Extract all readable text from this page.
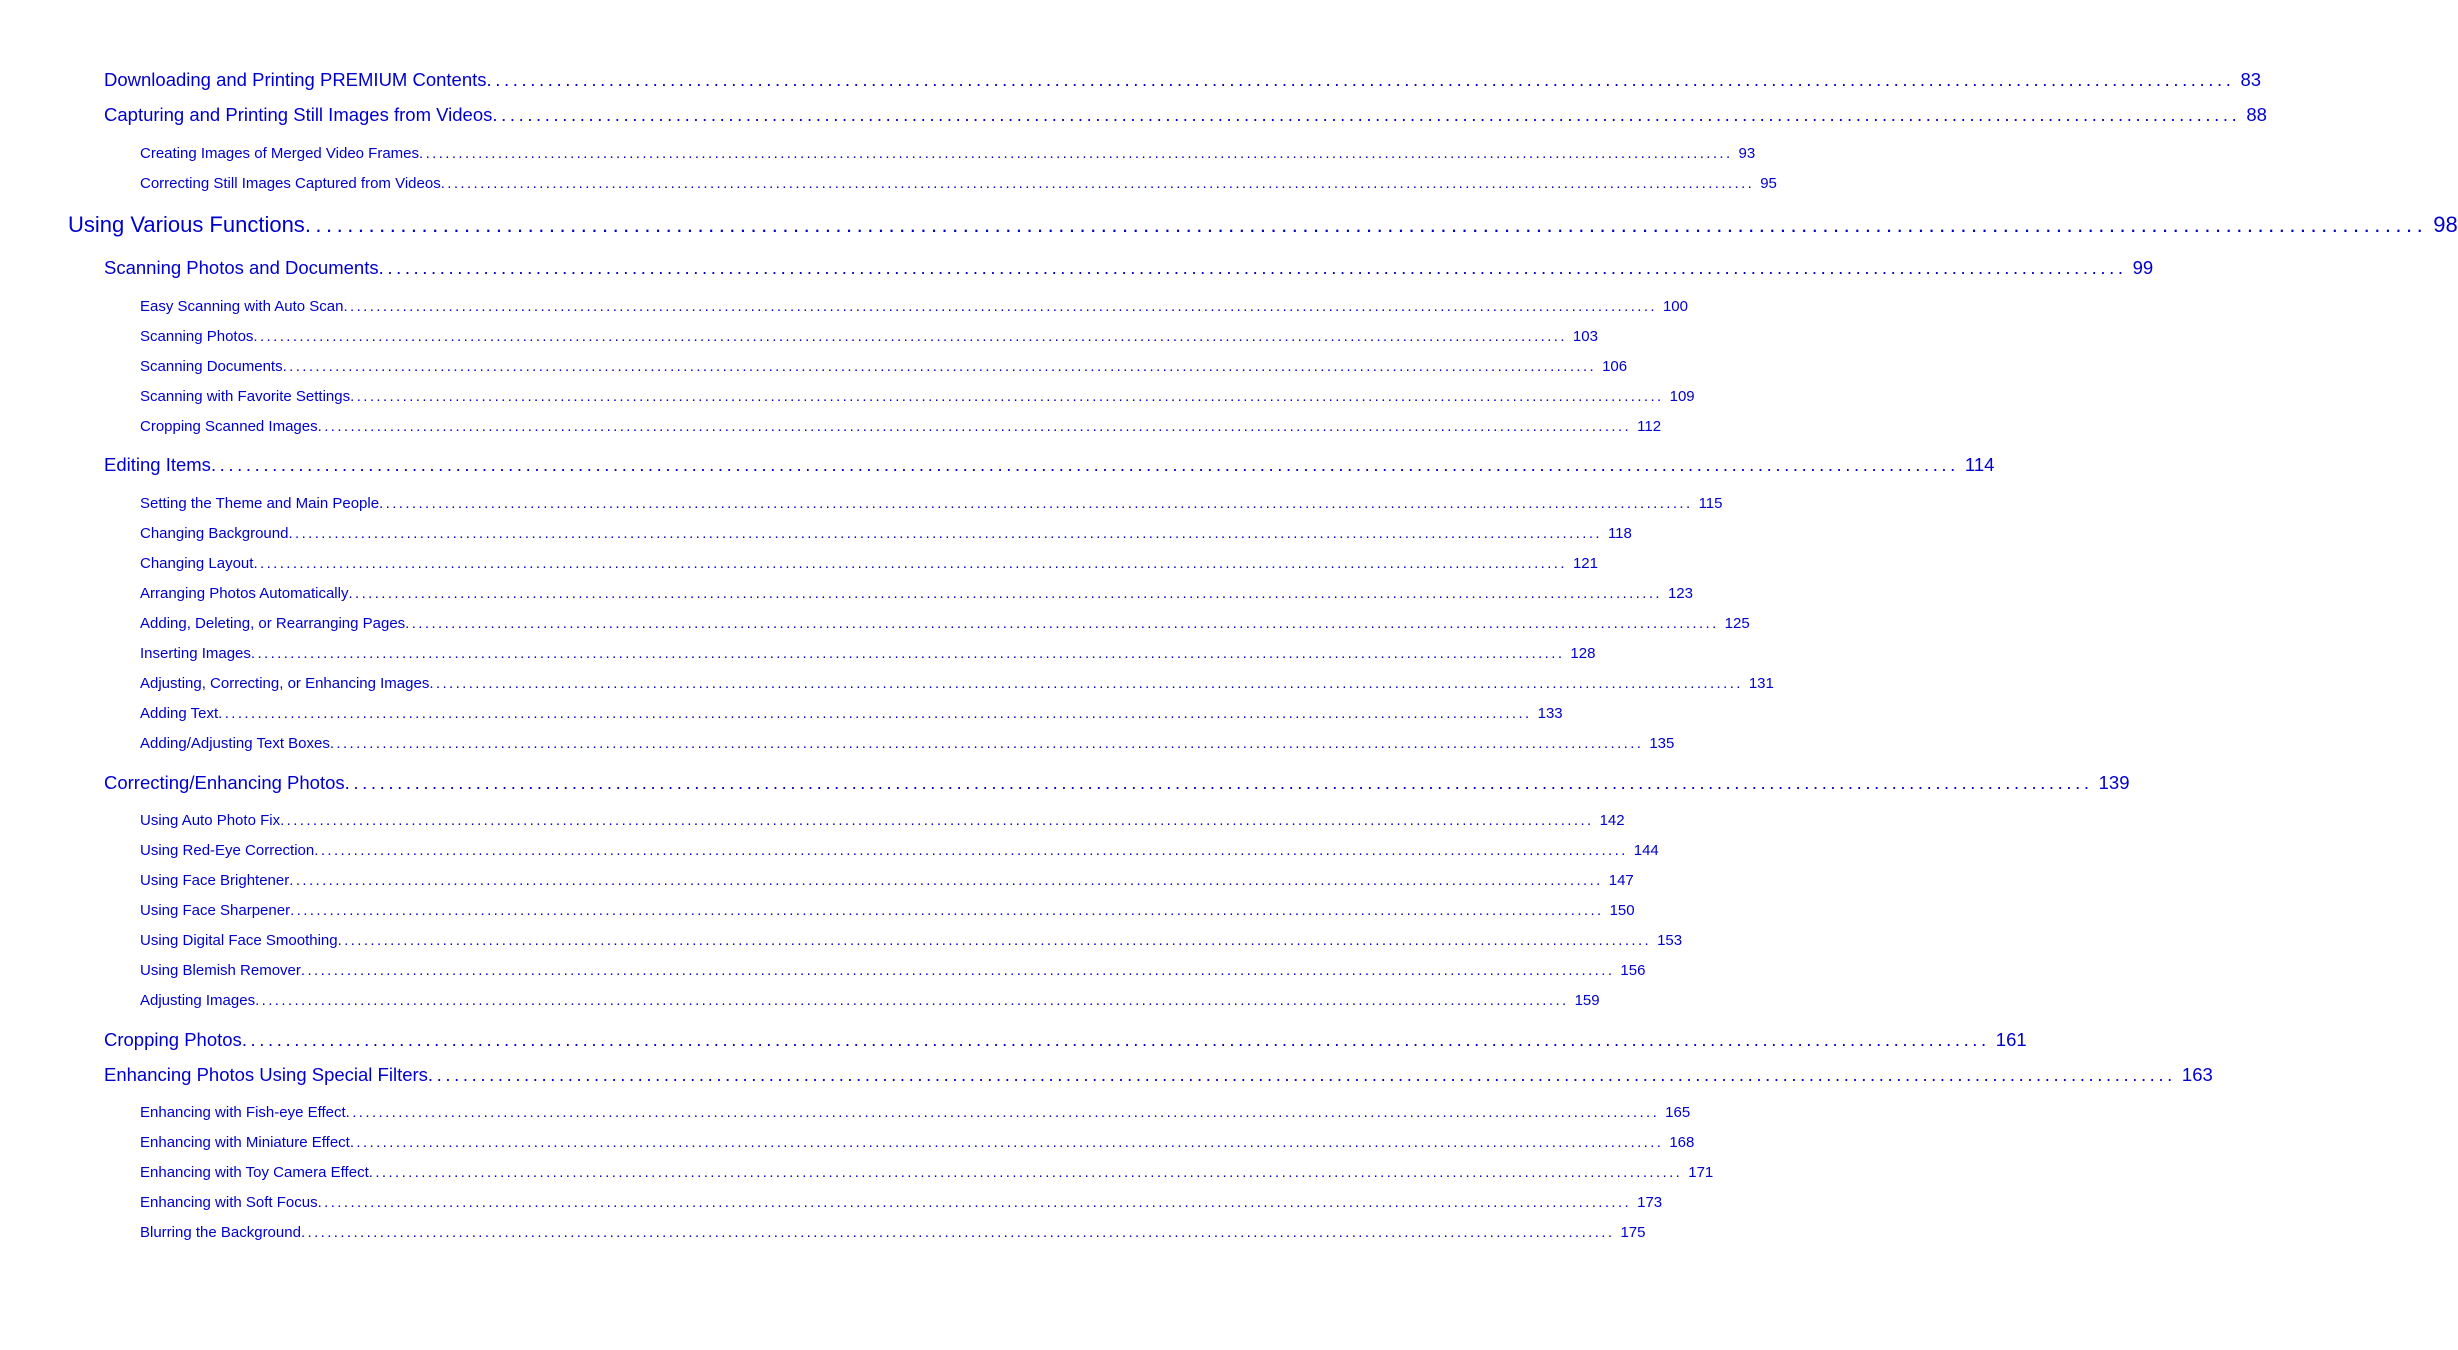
Downloading and Printing PREMIUM Contents ........................................................................................................................................................................................................ 83
Capturing and Printing Still Images from Videos ........................................................................................................................................................................................................ 88
Creating Images of Merged Video Frames ........................................................................................................................................................................................................ 93
Correcting Still Images Captured from Videos ........................................................................................................................................................................................................ 95
Using Various Functions ........................................................................................................................................................................................................ 98
Scanning Photos and Documents ........................................................................................................................................................................................................ 99
Easy Scanning with Auto Scan ........................................................................................................................................................................................................ 100
Scanning Photos ........................................................................................................................................................................................................ 103
Scanning Documents ........................................................................................................................................................................................................ 106
Scanning with Favorite Settings ........................................................................................................................................................................................................ 109
Cropping Scanned Images ........................................................................................................................................................................................................ 112
Editing Items ........................................................................................................................................................................................................ 114
Setting the Theme and Main People ........................................................................................................................................................................................................ 115
Changing Background ........................................................................................................................................................................................................ 118
Changing Layout ........................................................................................................................................................................................................ 121
Arranging Photos Automatically ........................................................................................................................................................................................................ 123
Adding, Deleting, or Rearranging Pages ........................................................................................................................................................................................................ 125
Inserting Images ........................................................................................................................................................................................................ 128
Adjusting, Correcting, or Enhancing Images ........................................................................................................................................................................................................ 131
Adding Text ........................................................................................................................................................................................................ 133
Adding/Adjusting Text Boxes ........................................................................................................................................................................................................ 135
Correcting/Enhancing Photos ........................................................................................................................................................................................................ 139
Using Auto Photo Fix ........................................................................................................................................................................................................ 142
Using Red-Eye Correction ........................................................................................................................................................................................................ 144
Using Face Brightener ........................................................................................................................................................................................................ 147
Using Face Sharpener ........................................................................................................................................................................................................ 150
Using Digital Face Smoothing ........................................................................................................................................................................................................ 153
Using Blemish Remover ........................................................................................................................................................................................................ 156
Adjusting Images ........................................................................................................................................................................................................ 159
Cropping Photos ........................................................................................................................................................................................................ 161
Enhancing Photos Using Special Filters ........................................................................................................................................................................................................ 163
Enhancing with Fish-eye Effect ........................................................................................................................................................................................................ 165
Enhancing with Miniature Effect ........................................................................................................................................................................................................ 168
Enhancing with Toy Camera Effect ........................................................................................................................................................................................................ 171
Enhancing with Soft Focus ........................................................................................................................................................................................................ 173
Blurring the Background ........................................................................................................................................................................................................ 175
